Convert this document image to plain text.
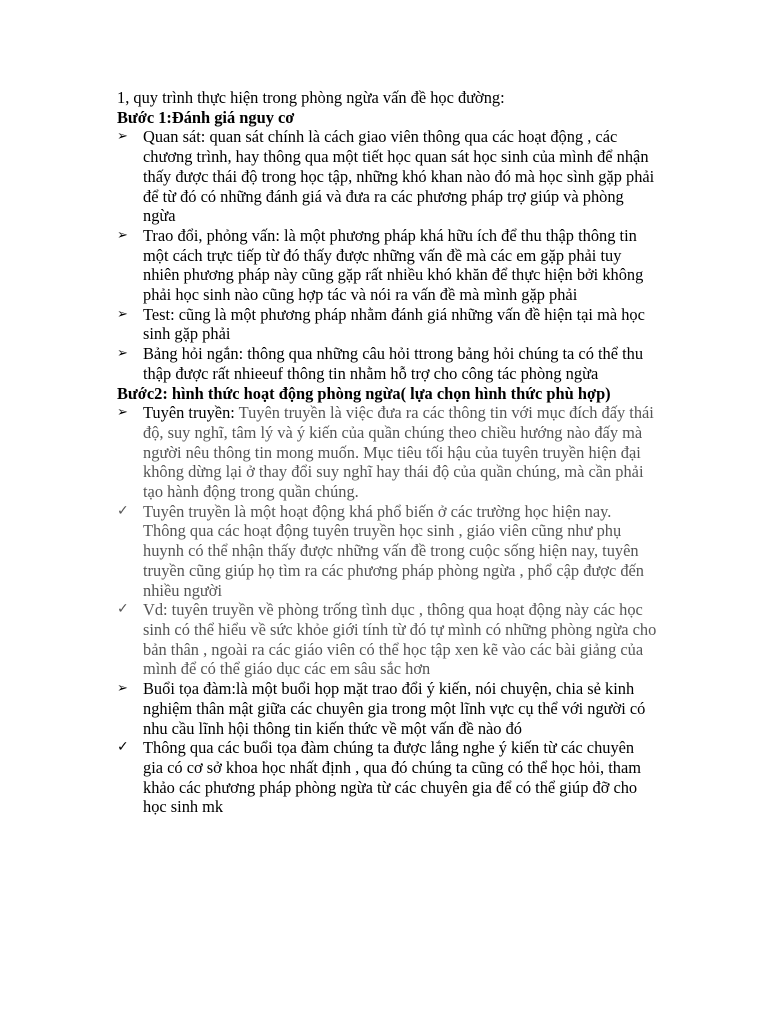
1, quy trình thực hiện trong phòng ngừa vấn đề học đường:

Bước 1:Đánh giá nguy cơ

➢ Quan sát: quan sát chính là cách giao viên thông qua các hoạt động , các chương trình, hay thông qua một tiết học quan sát học sinh của mình để nhận thấy được thái độ trong học tập, những khó khan nào đó mà học sình gặp phải để từ đó có những đánh giá và đưa ra các phương pháp trợ giúp và phòng ngừa
➢ Trao đổi, phỏng vấn: là một phương pháp khá hữu ích để thu thập thông tin một cách trực tiếp từ đó thấy được những vấn đề mà các em gặp phải tuy nhiên phương pháp này cũng gặp rất nhiều khó khăn để thực hiện bởi không phải học sinh nào cũng hợp tác và nói ra vấn đề mà mình gặp phải
➢ Test: cũng là một phương pháp nhằm đánh giá những vấn đề hiện tại mà học sinh gặp phải
➢ Bảng hỏi ngắn: thông qua những câu hỏi ttrong bảng hỏi chúng ta có thể thu thập được rất nhieeuf thông tin nhằm hỗ trợ cho công tác phòng ngừa

Bước2: hình thức hoạt động phòng ngừa( lựa chọn hình thức phù hợp)

➢ Tuyên truyền: Tuyên truyền là việc đưa ra các thông tin với mục đích đấy thái độ, suy nghĩ, tâm lý và ý kiến của quần chúng theo chiều hướng nào đấy mà người nêu thông tin mong muốn. Mục tiêu tối hậu của tuyên truyền hiện đại không dừng lại ở thay đổi suy nghĩ hay thái độ của quần chúng, mà cần phải tạo hành động trong quần chúng.
✓ Tuyên truyền là một hoạt động khá phổ biến ở các trường học hiện nay. Thông qua các hoạt động tuyên truyền học sinh , giáo viên cũng như phụ huynh có thể nhận thấy được những vấn đề trong cuộc sống hiện nay, tuyên truyền cũng giúp họ tìm ra các phương pháp phòng ngừa , phổ cập được đến nhiều người
✓ Vd: tuyên truyền về phòng trống tình dục , thông qua hoạt động này các học sinh có thể hiểu về sức khỏe giới tính từ đó tự mình có những phòng ngừa cho bản thân , ngoài ra các giáo viên có thể học tập xen kẽ vào các bài giảng của mình để có thể giáo dục các em sâu sắc hơn
➢ Buổi tọa đàm:là một buổi họp mặt trao đổi ý kiến, nói chuyện, chia sẻ kinh nghiệm thân mật giữa các chuyên gia trong một lĩnh vực cụ thể với người có nhu cầu lĩnh hội thông tin kiến thức về một vấn đề nào đó
✓ Thông qua các buổi tọa đàm chúng ta được lắng nghe ý kiến từ các chuyên gia có cơ sở khoa học nhất định , qua đó chúng ta cũng có thể học hỏi, tham khảo các phương pháp phòng ngừa từ các chuyên gia để có thể giúp đỡ cho học sinh mk
